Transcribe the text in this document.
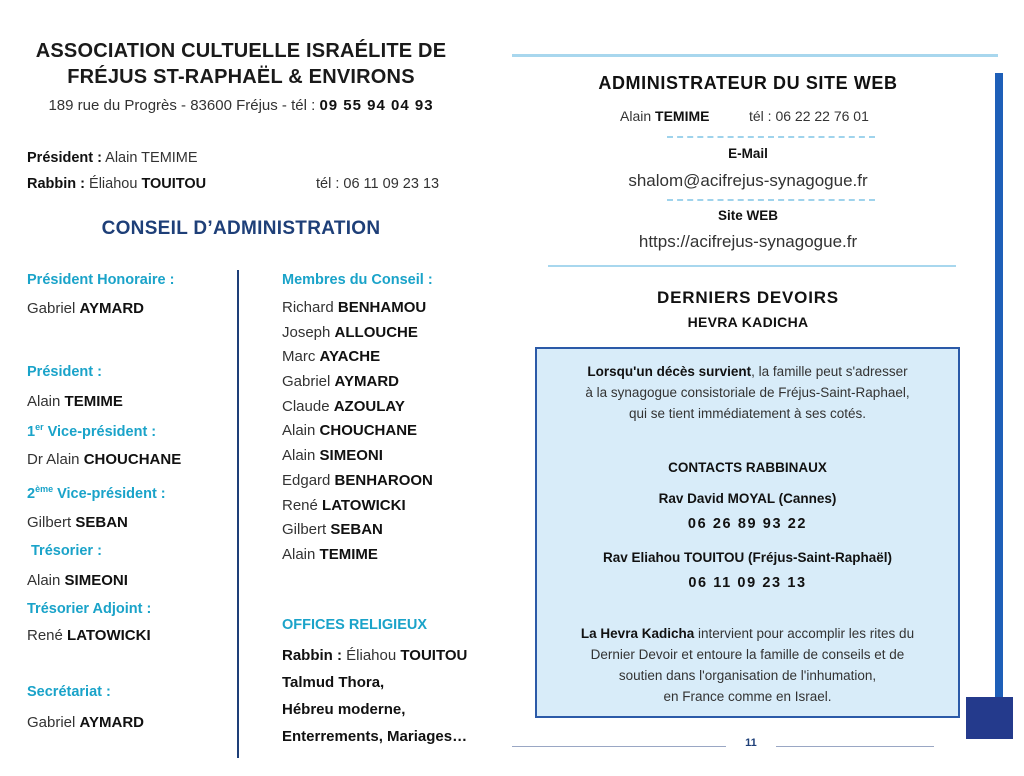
ASSOCIATION CULTUELLE ISRAÉLITE DE
FRÉJUS ST-RAPHAËL & ENVIRONS
189 rue du Progrès - 83600 Fréjus - tél : 09 55 94 04 93
Président : Alain TEMIME
Rabbin : Éliahou TOUITOU	tél : 06 11 09 23 13
CONSEIL D’ADMINISTRATION
Président Honoraire :
Gabriel AYMARD
Président :
Alain TEMIME
1er Vice-président :
Dr Alain CHOUCHANE
2ème Vice-président :
Gilbert SEBAN
Trésorier :
Alain SIMEONI
Trésorier Adjoint :
René LATOWICKI
Secrétariat :
Gabriel AYMARD
Membres du Conseil :
Richard BENHAMOU
Joseph ALLOUCHE
Marc AYACHE
Gabriel AYMARD
Claude AZOULAY
Alain CHOUCHANE
Alain SIMEONI
Edgard BENHAROON
René LATOWICKI
Gilbert SEBAN
Alain TEMIME
OFFICES RELIGIEUX
Rabbin : Éliahou TOUITOU
Talmud Thora,
Hébreu moderne,
Enterrements, Mariages…
ADMINISTRATEUR DU SITE WEB
Alain TEMIME	tél : 06 22 22 76 01
E-Mail
shalom@acifrejus-synagogue.fr
Site WEB
https://acifrejus-synagogue.fr
DERNIERS DEVOIRS
HEVRA KADICHA
Lorsqu'un décès survient, la famille peut s'adresser
à la synagogue consistoriale de Fréjus-Saint-Raphael,
qui se tient immédiatement à ses cotés.
CONTACTS RABBINAUX
Rav David MOYAL (Cannes)
06 26 89 93 22
Rav Eliahou TOUITOU (Fréjus-Saint-Raphaël)
06 11 09 23 13
La Hevra Kadicha intervient pour accomplir les rites du
Dernier Devoir et entoure la famille de conseils et de
soutien dans l'organisation de l'inhumation,
en France comme en Israel.
11
